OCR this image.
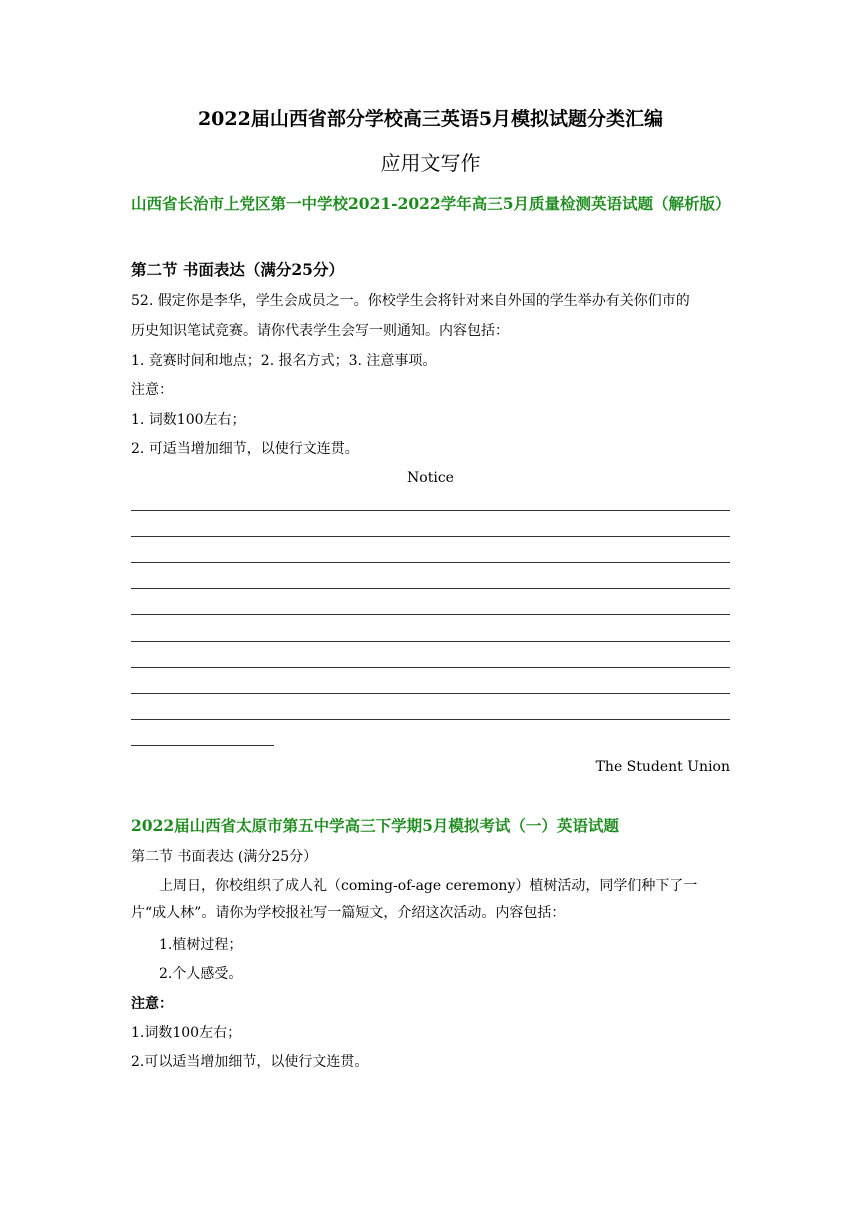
2022届山西省部分学校高三英语5月模拟试题分类汇编
应用文写作
山西省长治市上党区第一中学校2021-2022学年高三5月质量检测英语试题（解析版）
第二节 书面表达（满分25分）
52. 假定你是李华，学生会成员之一。你校学生会将针对来自外国的学生举办有关你们市的
历史知识笔试竞赛。请你代表学生会写一则通知。内容包括：
1. 竞赛时间和地点；2. 报名方式；3. 注意事项。
注意：
1. 词数100左右；
2. 可适当增加细节，以使行文连贯。
Notice
The Student Union
2022届山西省太原市第五中学高三下学期5月模拟考试（一）英语试题
第二节 书面表达 (满分25分）
上周日，你校组织了成人礼（coming-of-age ceremony）植树活动，同学们种下了一片“成人林”。请你为学校报社写一篇短文，介绍这次活动。内容包括：
1.植树过程；
2.个人感受。
注意：
1.词数100左右；
2.可以适当增加细节，以使行文连贯。
